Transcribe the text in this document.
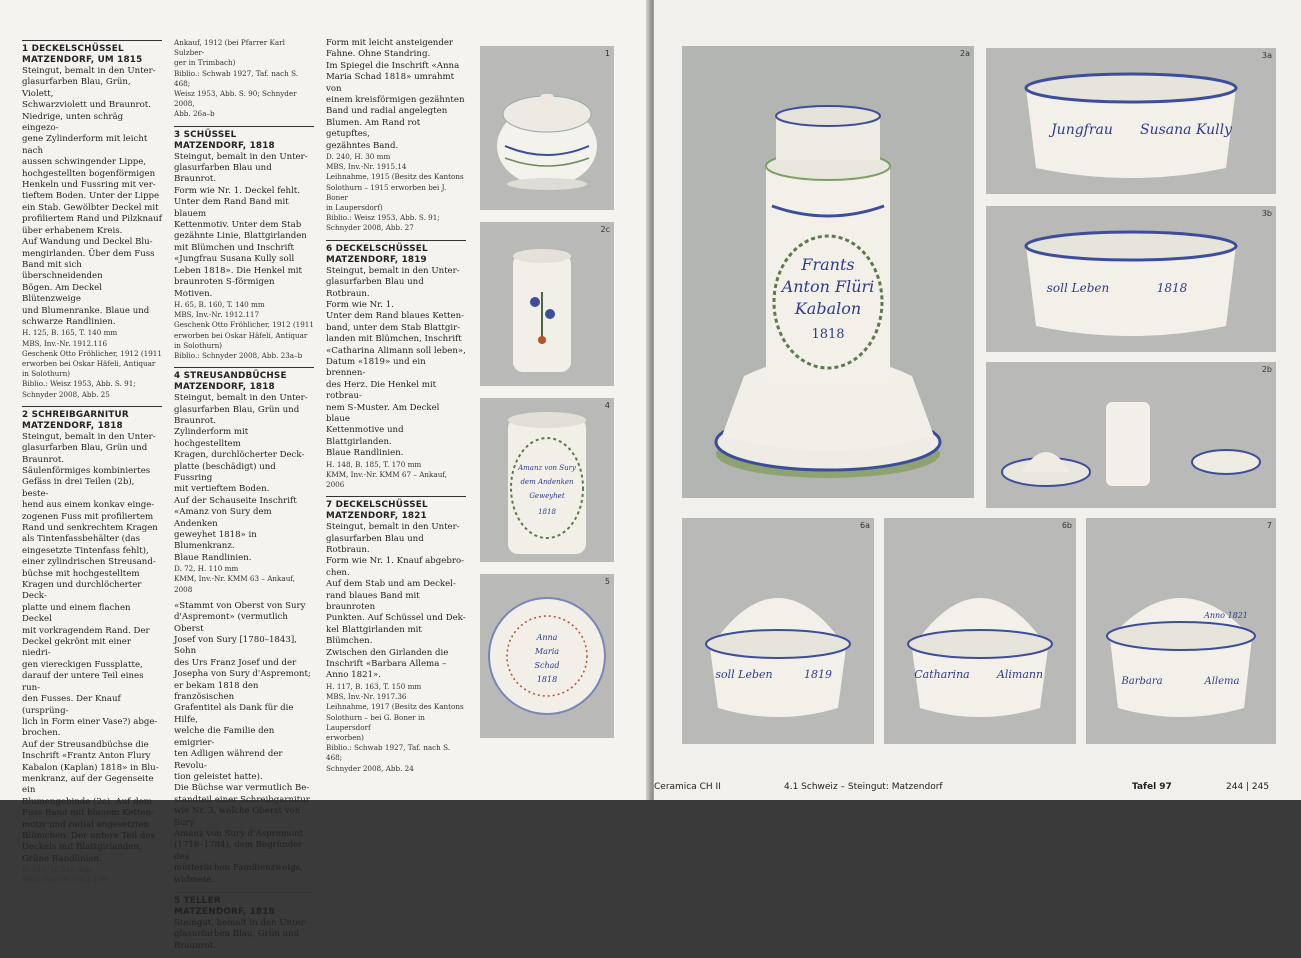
1 DECKELSCHÜSSEL
MATZENDORF, UM 1815
Steingut, bemalt in den Unter-
glasurfarben Blau, Grün, Violett,
Schwarzviolett und Braunrot.
Niedrige, unten schräg eingezo-
gene Zylinderform mit leicht nach
aussen schwingender Lippe,
hochgestellten bogenförmigen
Henkeln und Fussring mit ver-
tieftem Boden. Unter der Lippe
ein Stab. Gewölbter Deckel mit
profiliertem Rand und Pilzknauf
über erhabenem Kreis.
Auf Wandung und Deckel Blu-
mengirlanden. Über dem Fuss
Band mit sich überschneidenden
Bögen. Am Deckel Blütenzweige
und Blumenranke. Blaue und
schwarze Randlinien.
H. 125, B. 165, T. 140 mm
MBS, Inv.-Nr. 1912.116
Geschenk Otto Fröhlicher, 1912 (1911
erworben bei Oskar Häfeli, Antiquar
in Solothurn)
Biblio.: Weisz 1953, Abb. S. 91;
Schnyder 2008, Abb. 25
2 SCHREIBGARNITUR
MATZENDORF, 1818
Steingut, bemalt in den Unter-
glasurfarben Blau, Grün und
Braunrot.
Säulenförmiges kombiniertes
Gefäss in drei Teilen (2b), beste-
hend aus einem konkav einge-
zogenen Fuss mit profiliertem
Rand und senkrechtem Kragen
als Tintenfassbehälter (das
eingesetzte Tintenfass fehlt),
einer zylindrischen Streusand-
büchse mit hochgestelltem
Kragen und durchlöcherter Deck-
platte und einem flachen Deckel
mit vorkragendem Rand. Der
Deckel gekrönt mit einer niedri-
gen viereckigen Fussplatte,
darauf der untere Teil eines run-
den Fusses. Der Knauf (ursprüng-
lich in Form einer Vase?) abge-
brochen.
Auf der Streusandbüchse die
Inschrift «Frantz Anton Flury
Kabalon (Kaplan) 1818» in Blu-
menkranz, auf der Gegenseite ein
Blumengebinde (2c). Auf dem
Fuss Band mit blauem Ketten-
motiv und radial angesetzten
Blümchen. Der untere Teil des
Deckels mit Blattgirlanden.
Grüne Randlinien.
D. 140, H. 210 mm
MBS, Inv.-Nr. 1912.199
Ankauf, 1912 (bei Pfarrer Karl Sulzber-
ger in Trimbach)
Biblio.: Schwab 1927, Taf. nach S. 468;
Weisz 1953, Abb. S. 90; Schnyder 2008,
Abb. 26a–b
3 SCHÜSSEL
MATZENDORF, 1818
Steingut, bemalt in den Unter-
glasurfarben Blau und Braunrot.
Form wie Nr. 1. Deckel fehlt.
Unter dem Rand Band mit blauem
Kettenmotiv. Unter dem Stab
gezähnte Linie, Blattgirlanden
mit Blümchen und Inschrift
«Jungfrau Susana Kully soll
Leben 1818». Die Henkel mit
braunroten S-förmigen Motiven.
H. 65, B. 160, T. 140 mm
MBS, Inv.-Nr. 1912.117
Geschenk Otto Fröhlicher, 1912 (1911
erworben bei Oskar Häfeli, Antiquar
in Solothurn)
Biblio.: Schnyder 2008, Abb. 23a–b
4 STREUSANDBÜCHSE
MATZENDORF, 1818
Steingut, bemalt in den Unter-
glasurfarben Blau, Grün und
Braunrot.
Zylinderform mit hochgestelltem
Kragen, durchlöcherter Deck-
platte (beschädigt) und Fussring
mit vertieftem Boden.
Auf der Schauseite Inschrift
«Amanz von Sury dem Andenken
geweyhet 1818» in Blumenkranz.
Blaue Randlinien.
D. 72, H. 110 mm
KMM, Inv.-Nr. KMM 63 – Ankauf, 2008
«Stammt von Oberst von Sury
d'Aspremont» (vermutlich Oberst
Josef von Sury [1780–1843], Sohn
des Urs Franz Josef und der
Josepha von Sury d'Aspremont;
er bekam 1818 den französischen
Grafentitel als Dank für die Hilfe,
welche die Familie den emigrier-
ten Adligen während der Revolu-
tion geleistet hatte).
Die Büchse war vermutlich Be-
standteil einer Schreibgarnitur
wie Nr. 3, welche Oberst von Sury
Amanz von Sury d'Aspremont
(1718–1784), dem Begründer des
mütterlichen Familienzweigs,
widmete.
5 TELLER
MATZENDORF, 1818
Steingut, bemalt in den Unter-
glasurfarben Blau, Grün und
Braunrot.
Form mit leicht ansteigender
Fahne. Ohne Standring.
Im Spiegel die Inschrift «Anna
Maria Schad 1818» umrahmt von
einem kreisförmigen gezähnten
Band und radial angelegten
Blumen. Am Rand rot getupftes,
gezähntes Band.
D. 240, H. 30 mm
MBS, Inv.-Nr. 1915.14
Leihnahme, 1915 (Besitz des Kantons
Solothurn – 1915 erworben bei J. Boner
in Laupersdorf)
Biblio.: Weisz 1953, Abb. S. 91;
Schnyder 2008, Abb. 27
6 DECKELSCHÜSSEL
MATZENDORF, 1819
Steingut, bemalt in den Unter-
glasurfarben Blau und Rotbraun.
Form wie Nr. 1.
Unter dem Rand blaues Ketten-
band, unter dem Stab Blattgir-
landen mit Blümchen, Inschrift
«Catharina Alimann soll leben»,
Datum «1819» und ein brennen-
des Herz. Die Henkel mit rotbrau-
nem S-Muster. Am Deckel blaue
Kettenmotive und Blattgirlanden.
Blaue Randlinien.
H. 148, B. 185, T. 170 mm
KMM, Inv.-Nr. KMM 67 – Ankauf, 2006
7 DECKELSCHÜSSEL
MATZENDORF, 1821
Steingut, bemalt in den Unter-
glasurfarben Blau und Rotbraun.
Form wie Nr. 1. Knauf abgebro-
chen.
Auf dem Stab und am Deckel-
rand blaues Band mit braunroten
Punkten. Auf Schüssel und Dek-
kel Blattgirlanden mit Blümchen.
Zwischen den Girlanden die
Inschrift «Barbara Allema –
Anno 1821».
H. 117, B. 163, T. 150 mm
MBS, Inv.-Nr. 1917.36
Leihnahme, 1917 (Besitz des Kantons
Solothurn – bei G. Boner in Laupersdorf
erworben)
Biblio.: Schwab 1927, Taf. nach S. 468;
Schnyder 2008, Abb. 24
1
2c
4
Amanz von Sury
dem Andenken
Geweyhet
1818
5
Anna
Maria
Schad
1818
2a
Frants
Anton Flüri
Kabalon
1818
3a
Jungfrau Susana Kully
3b
soll Leben	1818
2b
6a
soll Leben	1819
6b
Catharina Alimann
7
Barbara	Allema
Anno 1821
Ceramica CH II	4.1 Schweiz – Steingut: Matzendorf	Tafel 97	244 | 245
